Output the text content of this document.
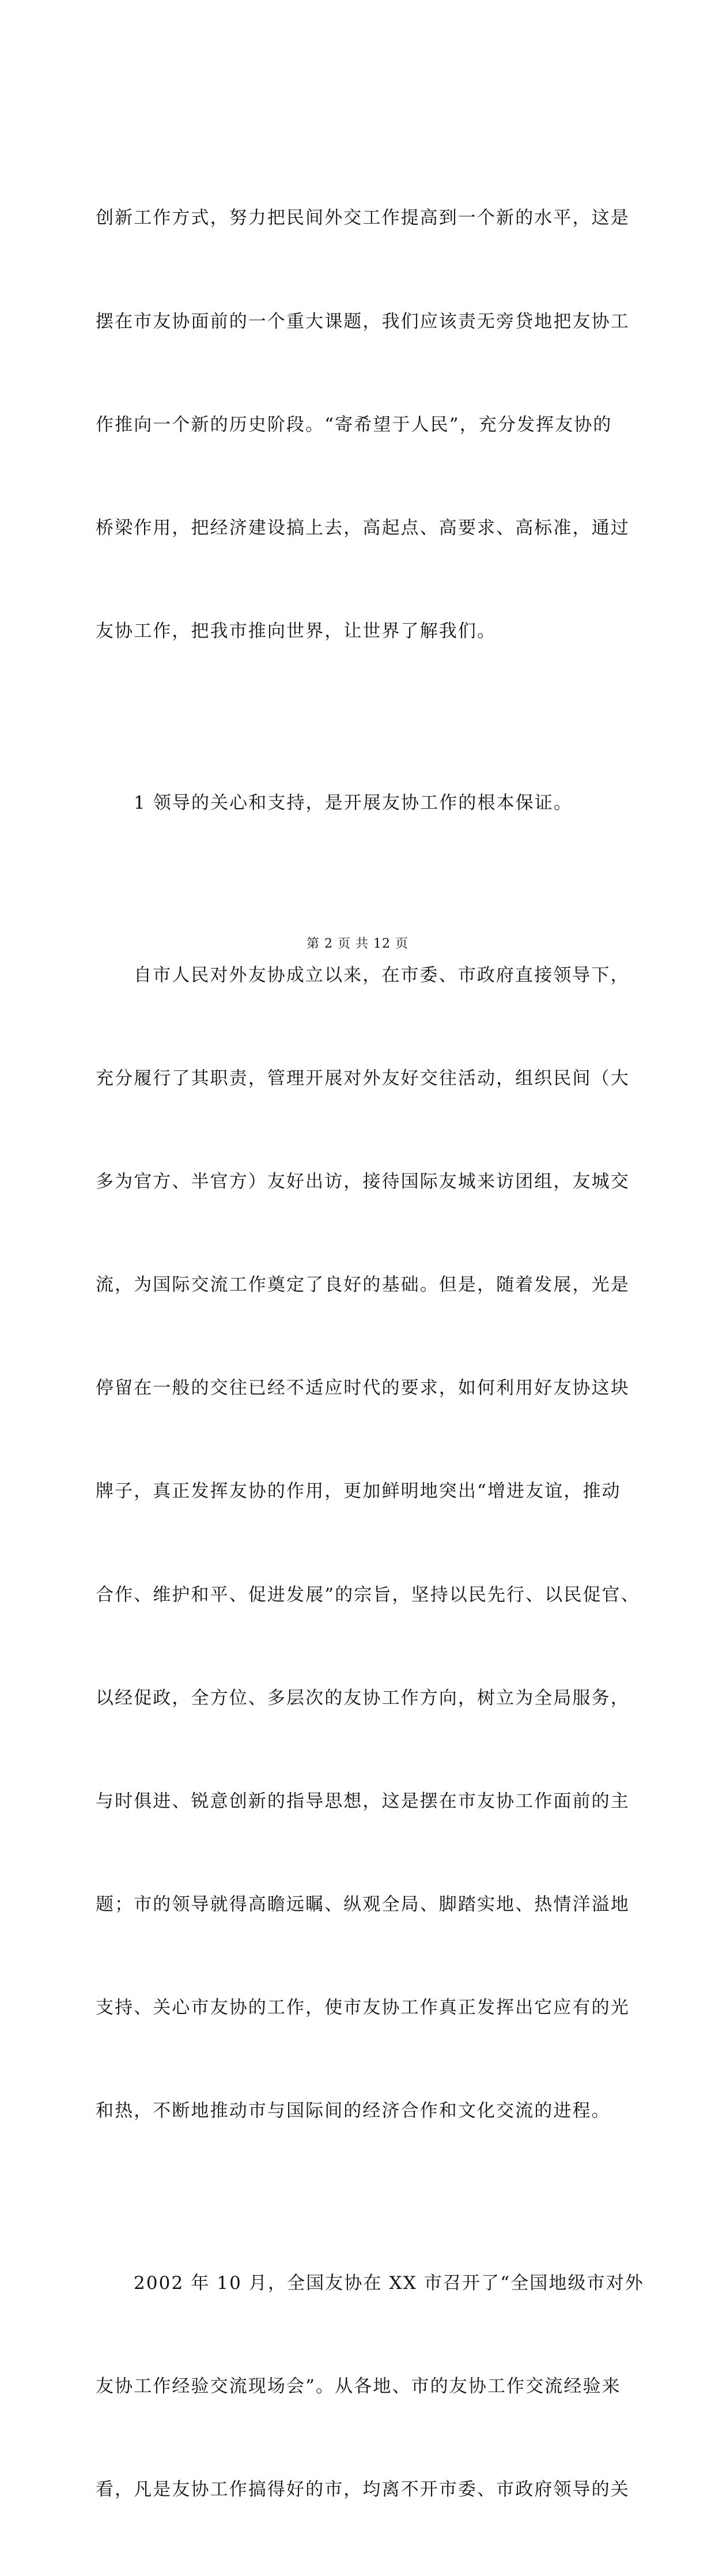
创新工作方式，努力把民间外交工作提高到一个新的水平，这是

摆在市友协面前的一个重大课题，我们应该责无旁贷地把友协工

作推向一个新的历史阶段。“寄希望于人民”，充分发挥友协的

桥梁作用，把经济建设搞上去，高起点、高要求、高标准，通过

友协工作，把我市推向世界，让世界了解我们。

1 领导的关心和支持，是开展友协工作的根本保证。

自市人民对外友协成立以来，在市委、市政府直接领导下，

充分履行了其职责，管理开展对外友好交往活动，组织民间（大

多为官方、半官方）友好出访，接待国际友城来访团组，友城交

流，为国际交流工作奠定了良好的基础。但是，随着发展，光是

停留在一般的交往已经不适应时代的要求，如何利用好友协这块

牌子，真正发挥友协的作用，更加鲜明地突出“增进友谊，推动

合作、维护和平、促进发展”的宗旨，坚持以民先行、以民促官、

以经促政，全方位、多层次的友协工作方向，树立为全局服务，

与时俱进、锐意创新的指导思想，这是摆在市友协工作面前的主

题；市的领导就得高瞻远瞩、纵观全局、脚踏实地、热情洋溢地

支持、关心市友协的工作，使市友协工作真正发挥出它应有的光

和热，不断地推动市与国际间的经济合作和文化交流的进程。

2002 年 10 月，全国友协在 XX 市召开了“全国地级市对外

友协工作经验交流现场会”。从各地、市的友协工作交流经验来

看，凡是友协工作搞得好的市，均离不开市委、市政府领导的关

第 2 页 共 12 页
